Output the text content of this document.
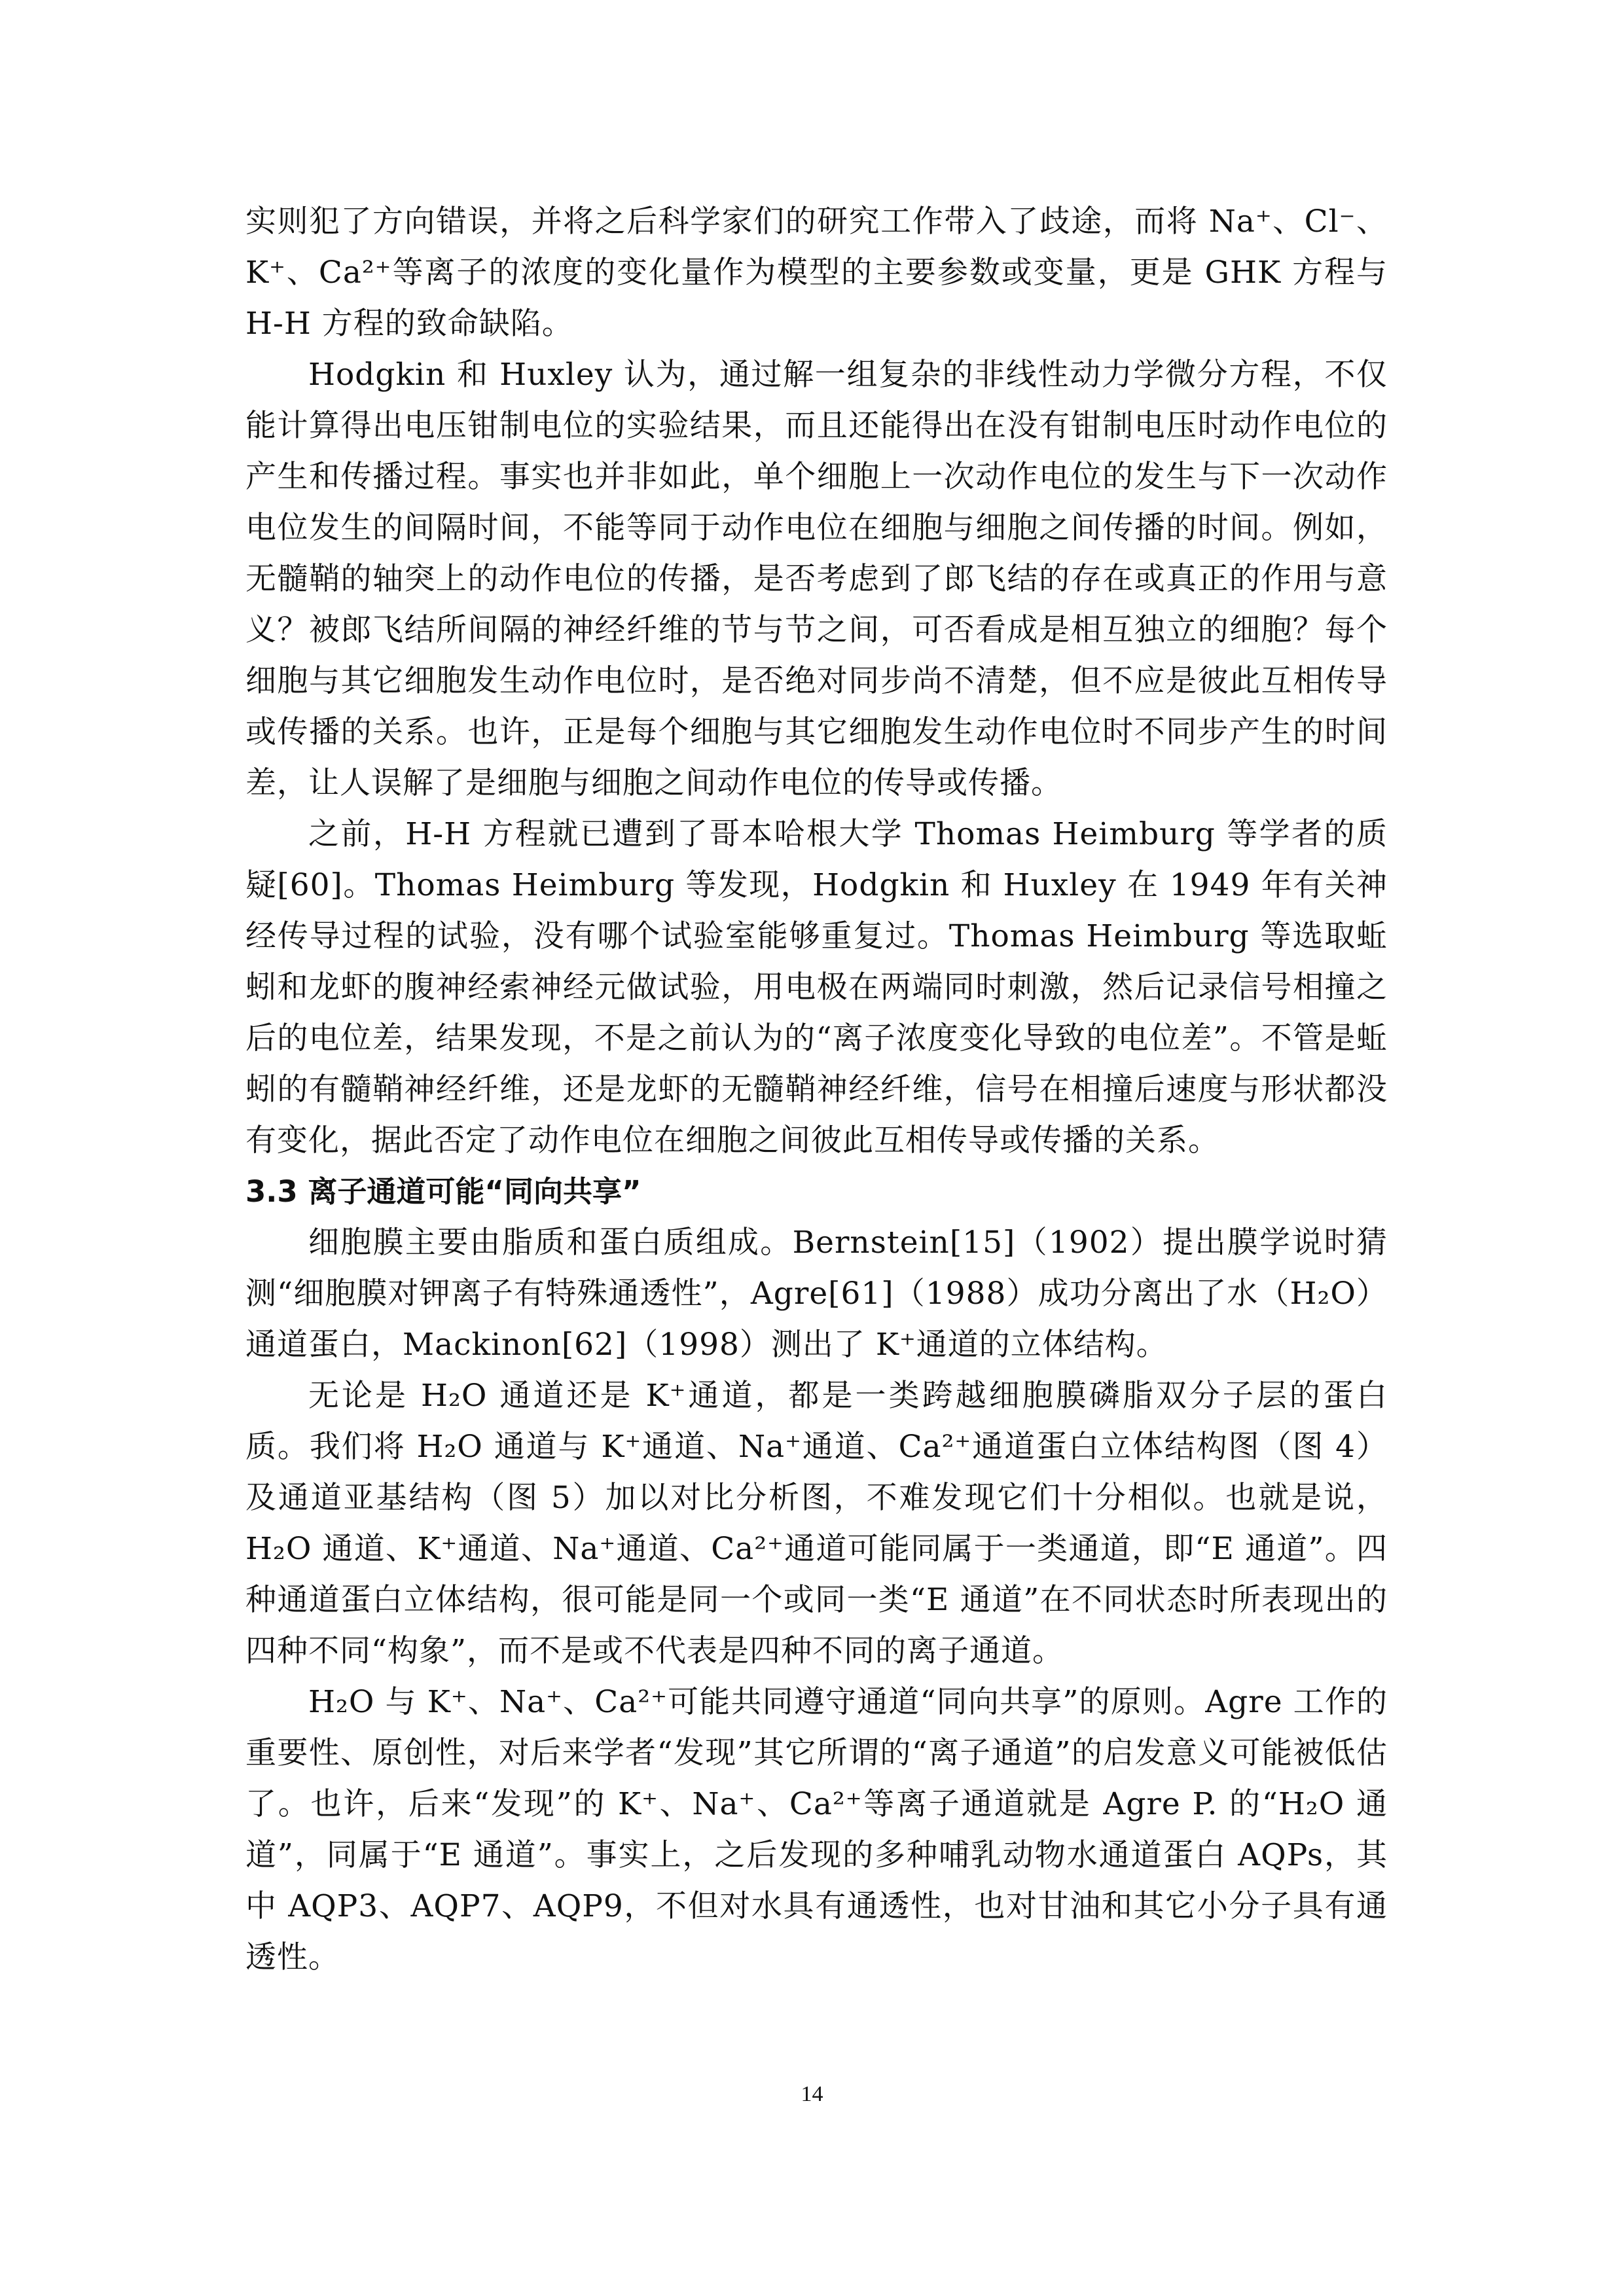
实则犯了方向错误，并将之后科学家们的研究工作带入了歧途，而将 Na⁺、Cl⁻、K⁺、Ca²⁺等离子的浓度的变化量作为模型的主要参数或变量，更是 GHK 方程与 H-H 方程的致命缺陷。

Hodgkin 和 Huxley 认为，通过解一组复杂的非线性动力学微分方程，不仅能计算得出电压钳制电位的实验结果，而且还能得出在没有钳制电压时动作电位的产生和传播过程。事实也并非如此，单个细胞上一次动作电位的发生与下一次动作电位发生的间隔时间，不能等同于动作电位在细胞与细胞之间传播的时间。例如，无髓鞘的轴突上的动作电位的传播，是否考虑到了郎飞结的存在或真正的作用与意义？被郎飞结所间隔的神经纤维的节与节之间，可否看成是相互独立的细胞？每个细胞与其它细胞发生动作电位时，是否绝对同步尚不清楚，但不应是彼此互相传导或传播的关系。也许，正是每个细胞与其它细胞发生动作电位时不同步产生的时间差，让人误解了是细胞与细胞之间动作电位的传导或传播。

之前，H-H 方程就已遭到了哥本哈根大学 Thomas Heimburg 等学者的质疑[60]。Thomas Heimburg 等发现，Hodgkin 和 Huxley 在 1949 年有关神经传导过程的试验，没有哪个试验室能够重复过。Thomas Heimburg 等选取蚯蚓和龙虾的腹神经索神经元做试验，用电极在两端同时刺激，然后记录信号相撞之后的电位差，结果发现，不是之前认为的“离子浓度变化导致的电位差”。不管是蚯蚓的有髓鞘神经纤维，还是龙虾的无髓鞘神经纤维，信号在相撞后速度与形状都没有变化，据此否定了动作电位在细胞之间彼此互相传导或传播的关系。

3.3 离子通道可能“同向共享”

细胞膜主要由脂质和蛋白质组成。Bernstein[15]（1902）提出膜学说时猜测“细胞膜对钾离子有特殊通透性”，Agre[61]（1988）成功分离出了水（H₂O）通道蛋白，Mackinon[62]（1998）测出了 K⁺通道的立体结构。

无论是 H₂O 通道还是 K⁺通道，都是一类跨越细胞膜磷脂双分子层的蛋白质。我们将 H₂O 通道与 K⁺通道、Na⁺通道、Ca²⁺通道蛋白立体结构图（图 4）及通道亚基结构（图 5）加以对比分析图，不难发现它们十分相似。也就是说，H₂O 通道、K⁺通道、Na⁺通道、Ca²⁺通道可能同属于一类通道，即“E 通道”。四种通道蛋白立体结构，很可能是同一个或同一类“E 通道”在不同状态时所表现出的四种不同“构象”，而不是或不代表是四种不同的离子通道。

H₂O 与 K⁺、Na⁺、Ca²⁺可能共同遵守通道“同向共享”的原则。Agre 工作的重要性、原创性，对后来学者“发现”其它所谓的“离子通道”的启发意义可能被低估了。也许，后来“发现”的 K⁺、Na⁺、Ca²⁺等离子通道就是 Agre P. 的“H₂O 通道”，同属于“E 通道”。事实上，之后发现的多种哺乳动物水通道蛋白 AQPs，其中 AQP3、AQP7、AQP9，不但对水具有通透性，也对甘油和其它小分子具有通透性。

14
